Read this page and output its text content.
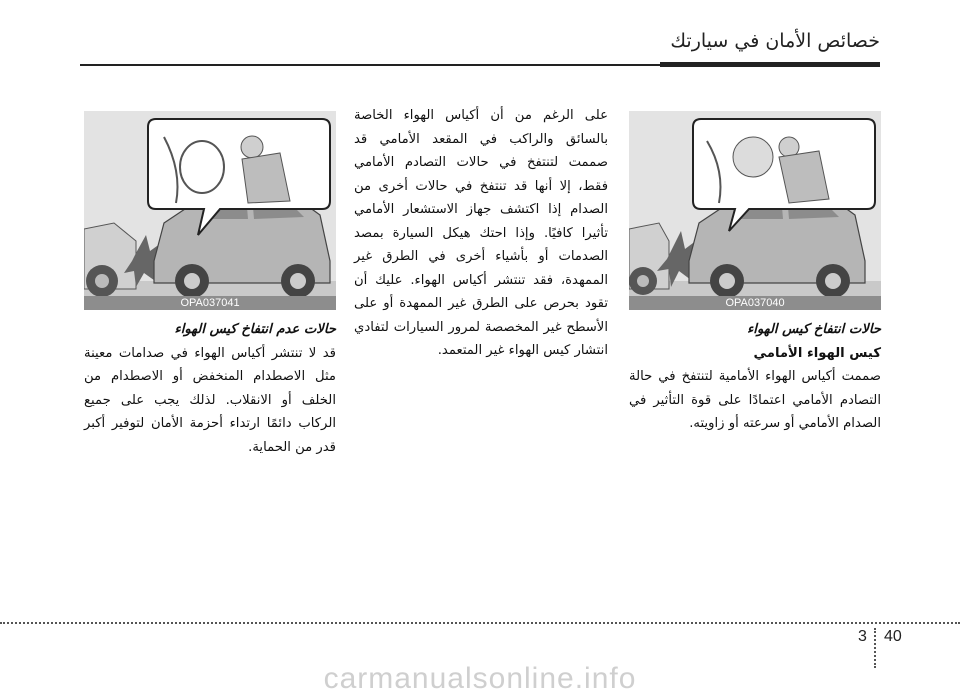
خصائص الأمان في سيارتك
OPA037040
OPA037041
حالات انتفاخ كيس الهواء
كيس الهواء الأمامي
صممت أكياس الهواء الأمامية لتنتفخ في حالة التصادم الأمامي اعتمادًا على قوة التأثير في الصدام الأمامي أو سرعته أو زاويته.
على الرغم من أن أكياس الهواء الخاصة بالسائق والراكب في المقعد الأمامي قد صممت لتنتفخ في حالات التصادم الأمامي فقط، إلا أنها قد تنتفخ في حالات أخرى من الصدام إذا اكتشف جهاز الاستشعار الأمامي تأثيرا كافيًا. وإذا احتك هيكل السيارة بمصد الصدمات أو بأشياء أخرى في الطرق غير الممهدة، فقد تنتشر أكياس الهواء. عليك أن تقود بحرص على الطرق غير الممهدة أو على الأسطح غير المخصصة لمرور السيارات لتفادي انتشار كيس الهواء غير المتعمد.
حالات عدم انتفاخ كيس الهواء
قد لا تنتشر أكياس الهواء في صدامات معينة مثل الاصطدام المنخفض أو الاصطدام من الخلف أو الانقلاب. لذلك يجب على جميع الركاب دائمًا ارتداء أحزمة الأمان لتوفير أكبر قدر من الحماية.
40
3
carmanualsonline.info
